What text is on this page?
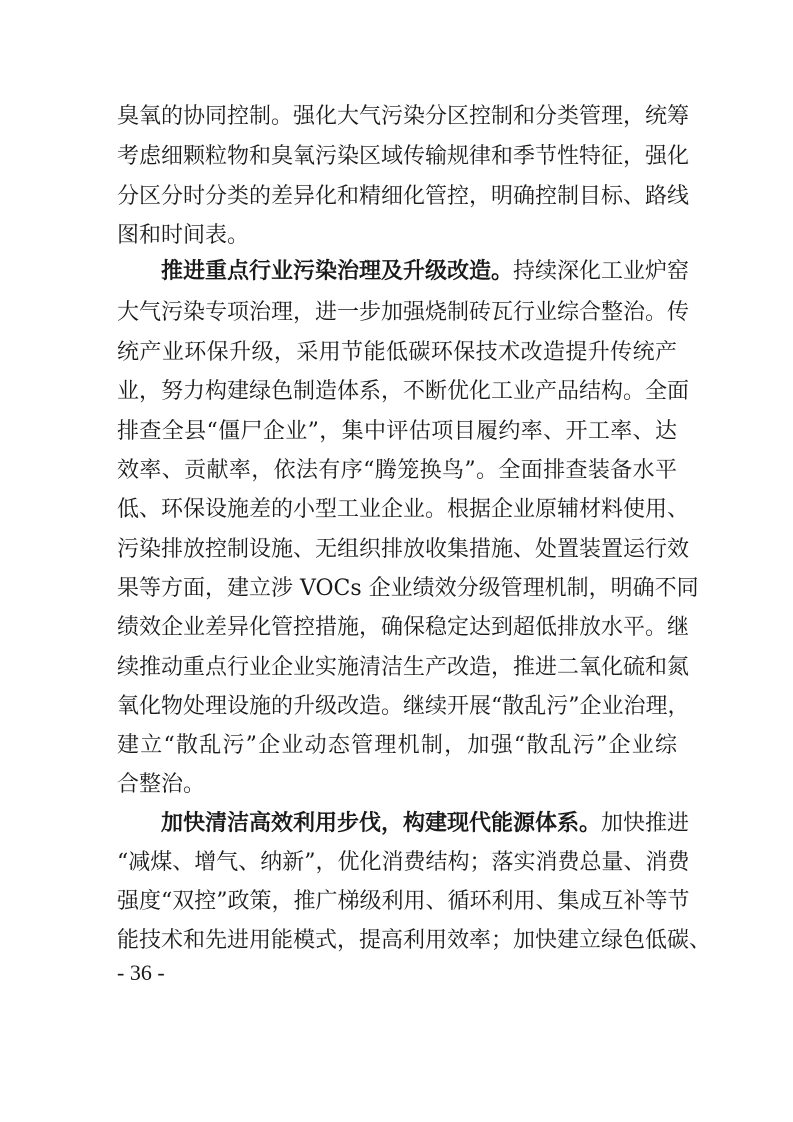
臭氧的协同控制。强化大气污染分区控制和分类管理，统筹
考虑细颗粒物和臭氧污染区域传输规律和季节性特征，强化
分区分时分类的差异化和精细化管控，明确控制目标、路线
图和时间表。
推进重点行业污染治理及升级改造。持续深化工业炉窑
大气污染专项治理，进一步加强烧制砖瓦行业综合整治。传
统产业环保升级，采用节能低碳环保技术改造提升传统产
业，努力构建绿色制造体系，不断优化工业产品结构。全面
排查全县“僵尸企业”，集中评估项目履约率、开工率、达
效率、贡献率，依法有序“腾笼换鸟”。全面排查装备水平
低、环保设施差的小型工业企业。根据企业原辅材料使用、
污染排放控制设施、无组织排放收集措施、处置装置运行效
果等方面，建立涉 VOCs 企业绩效分级管理机制，明确不同
绩效企业差异化管控措施，确保稳定达到超低排放水平。继
续推动重点行业企业实施清洁生产改造，推进二氧化硫和氮
氧化物处理设施的升级改造。继续开展“散乱污”企业治理，
建立“散乱污”企业动态管理机制，加强“散乱污”企业综
合整治。
加快清洁高效利用步伐，构建现代能源体系。加快推进
“减煤、增气、纳新”，优化消费结构；落实消费总量、消费
强度“双控”政策，推广梯级利用、循环利用、集成互补等节
能技术和先进用能模式，提高利用效率；加快建立绿色低碳、
- 36 -
